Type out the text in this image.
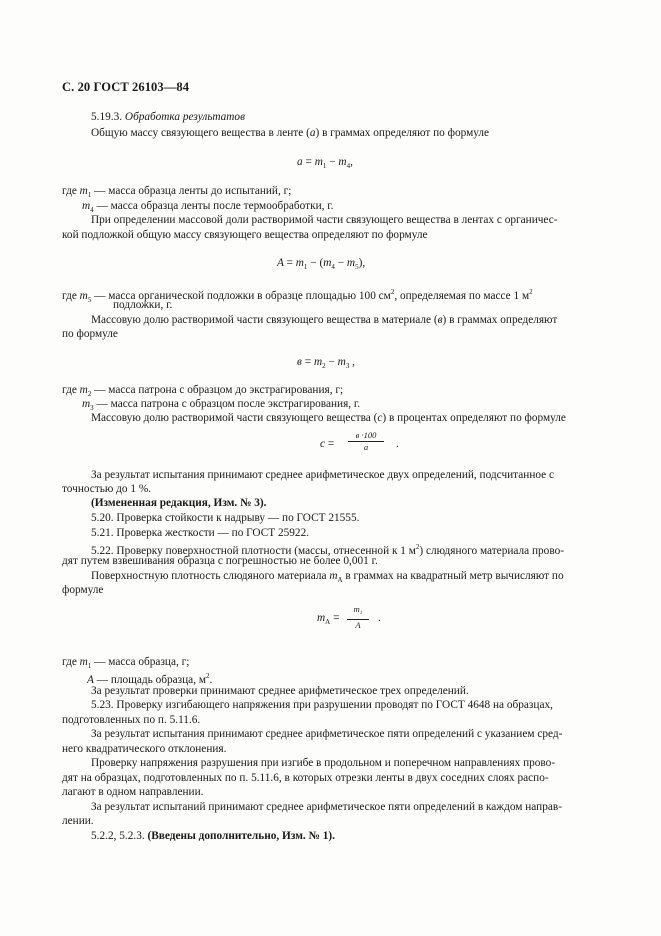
С. 20 ГОСТ 26103—84
5.19.3. Обработка результатов
Общую массу связующего вещества в ленте (a) в граммах определяют по формуле
$a = m_1 - m_4$,
где $m_1$ — масса образца ленты до испытаний, г;
$m_4$ — масса образца ленты после термообработки, г.
При определении массовой доли растворимой части связующего вещества в лентах с органичес-
кой подложкой общую массу связующего вещества определяют по формуле
$A = m_1 - (m_4 - m_5)$,
где $m_5$ — масса органической подложки в образце площадью 100 $см^2$, определяемая по массе 1 $м^2$
подложки, г.
Массовую долю растворимой части связующего вещества в материале (в) в граммах определяют
по формуле
$в = m_2 - m_3$ ,
где $m_2$ — масса патрона с образцом до экстрагирования, г;
$m_3$ — масса патрона с образцом после экстрагирования, г.
Массовую долю растворимой части связующего вещества (с) в процентах определяют по формуле
с =
в ·100
а	.
За результат испытания принимают среднее арифметическое двух определений, подсчитанное с
точностью до 1 %.
(Измененная редакция, Изм. № 3).
5.20. Проверка стойкости к надрыву — по ГОСТ 21555.
5.21. Проверка жесткости — по ГОСТ 25922.
5.22. Проверку поверхностной плотности (массы, отнесенной к 1 $м^2$) слюдяного материала прово-
дят путем взвешивания образца с погрешностью не более 0,001 г.
Поверхностную плотность слюдяного материала $m_А$ в граммах на квадратный метр вычисляют по
формуле
$m_А = \frac{m_1}{A}$ .
где $m_1$ — масса образца, г;
A — площадь образца, $м^2$.
За результат проверки принимают среднее арифметическое трех определений.
5.23. Проверку изгибающего напряжения при разрушении проводят по ГОСТ 4648 на образцах,
подготовленных по п. 5.11.6.
За результат испытания принимают среднее арифметическое пяти определений с указанием сред-
него квадратического отклонения.
Проверку напряжения разрушения при изгибе в продольном и поперечном направлениях прово-
дят на образцах, подготовленных по п. 5.11.6, в которых отрезки ленты в двух соседних слоях распо-
лагают в одном направлении.
За результат испытаний принимают среднее арифметическое пяти определений в каждом направ-
лении.
5.2.2, 5.2.3. (Введены дополнительно, Изм. № 1).
